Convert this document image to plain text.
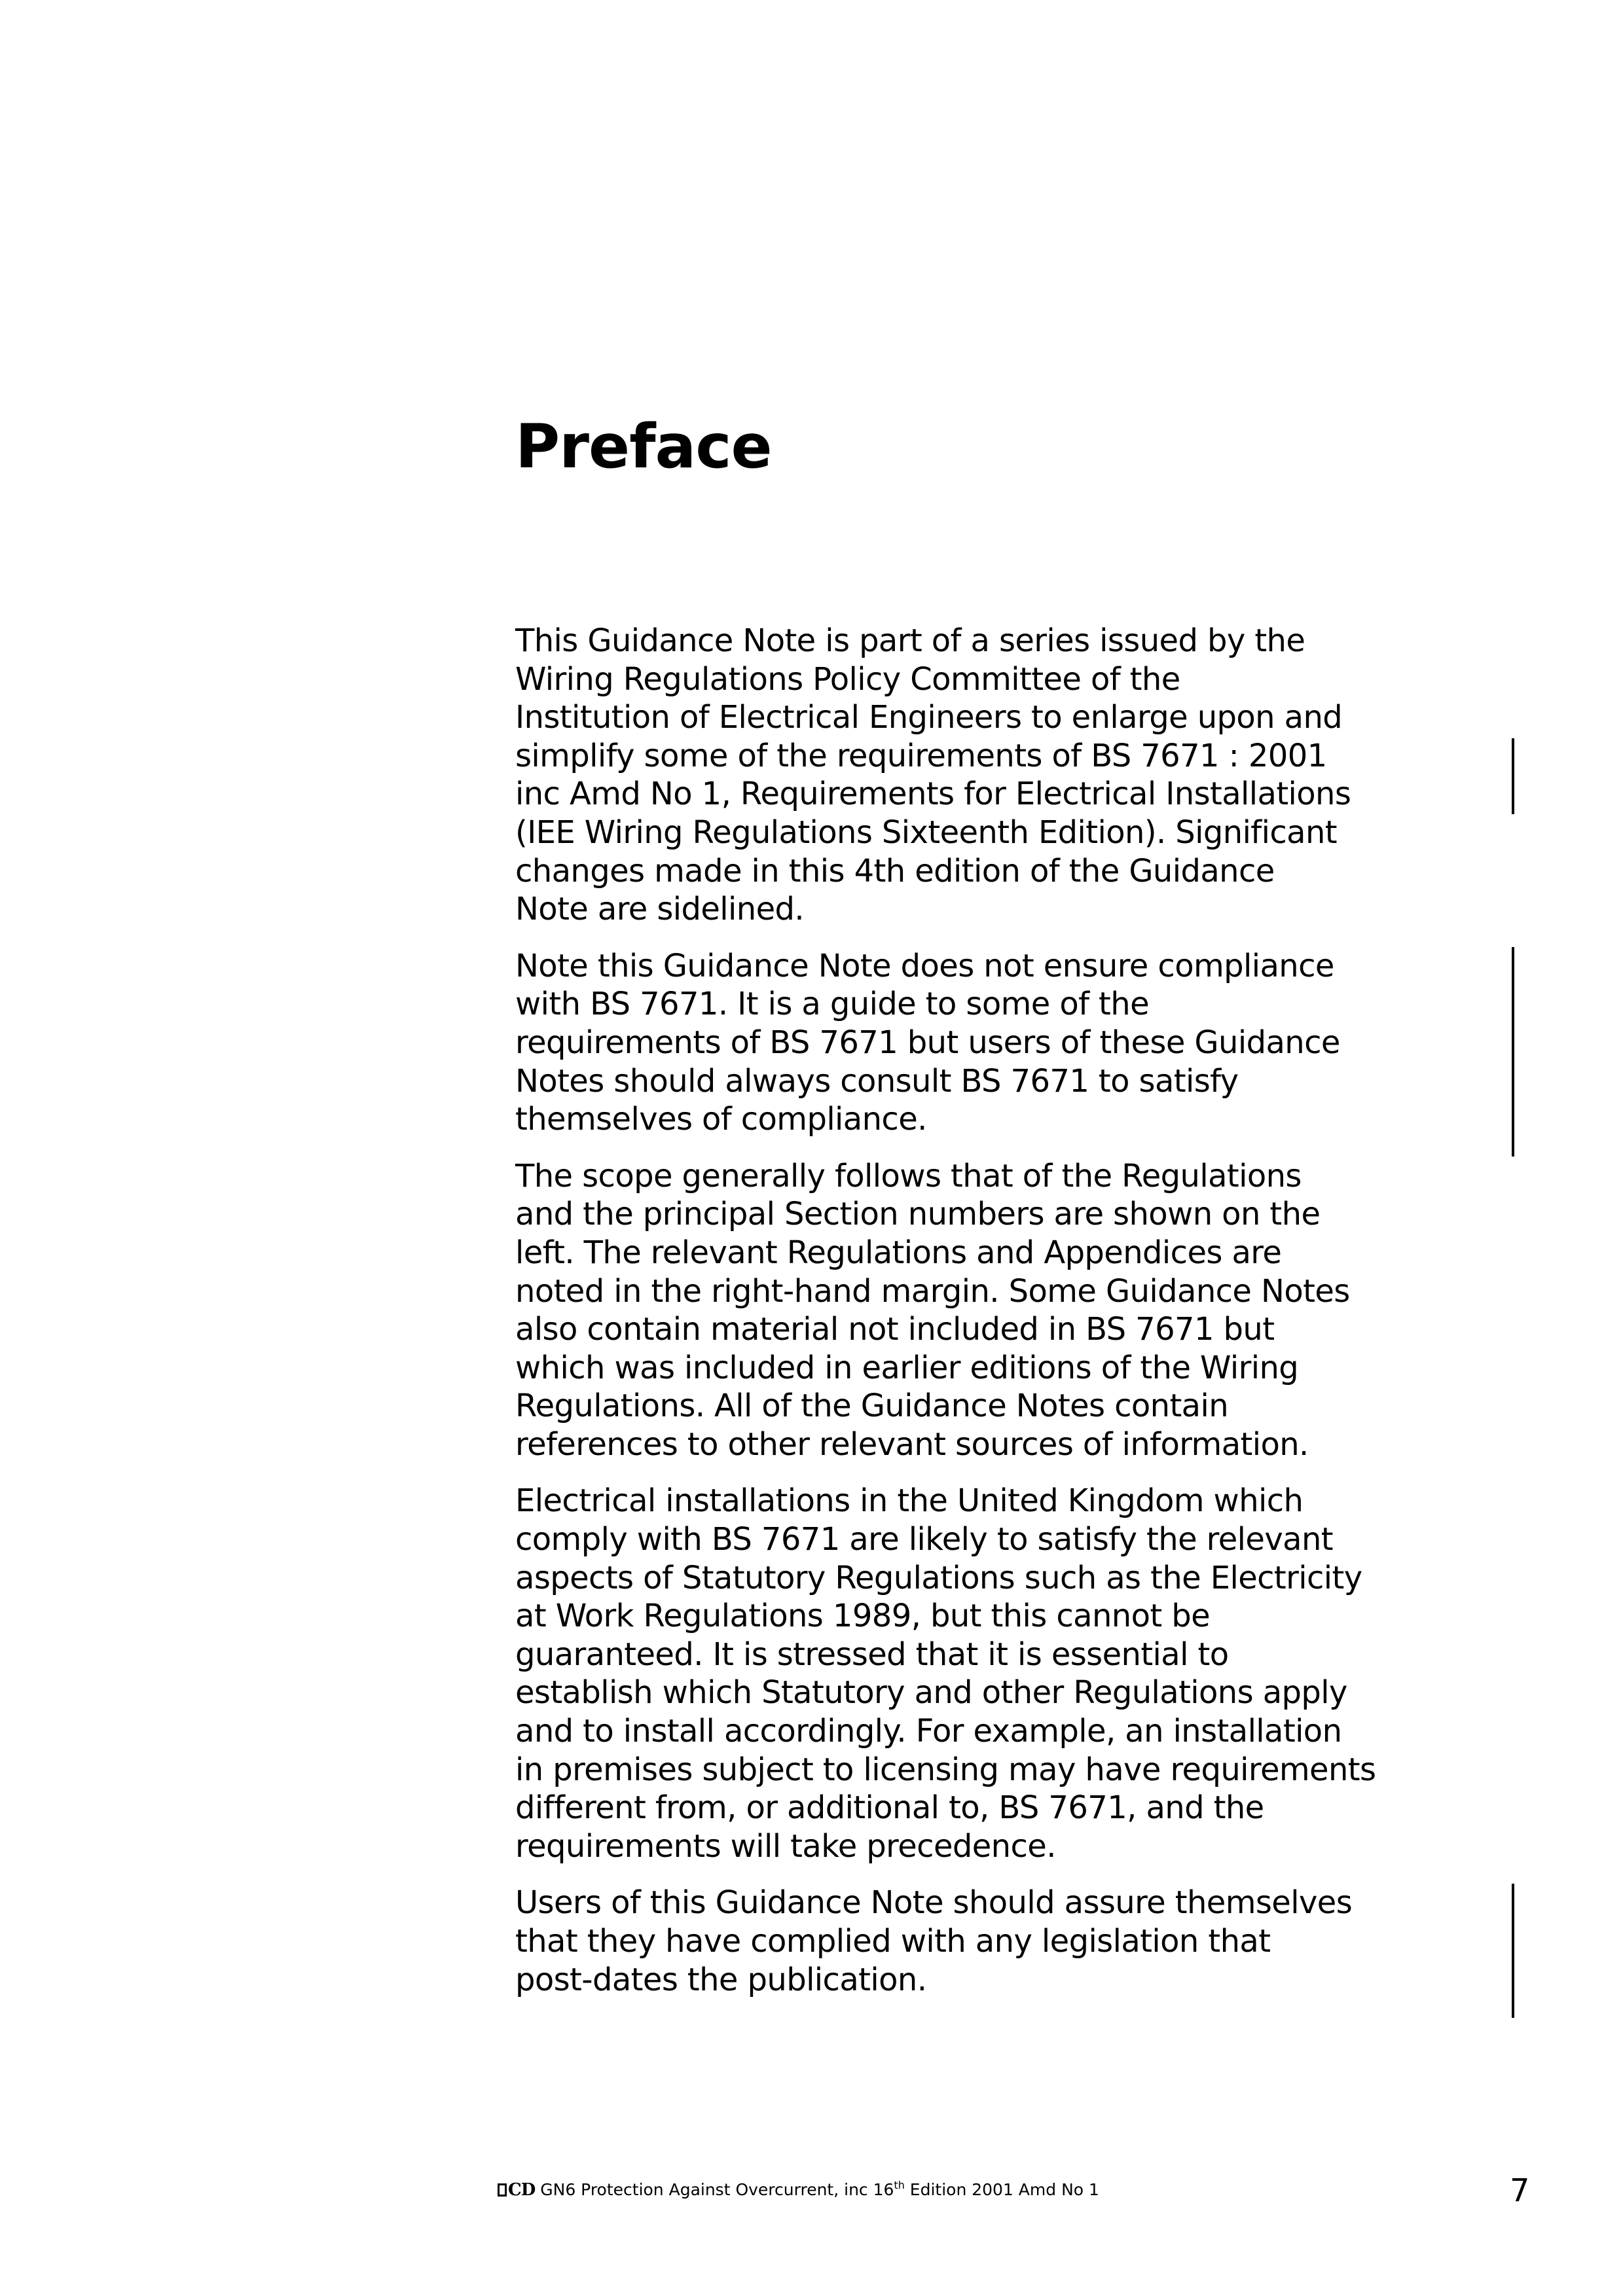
Preface
This Guidance Note is part of a series issued by the
Wiring Regulations Policy Committee of the
Institution of Electrical Engineers to enlarge upon and
simplify some of the requirements of BS 7671 : 2001
inc Amd No 1, Requirements for Electrical Installations
(IEE Wiring Regulations Sixteenth Edition). Significant
changes made in this 4th edition of the Guidance
Note are sidelined.
Note this Guidance Note does not ensure compliance
with BS 7671. It is a guide to some of the
requirements of BS 7671 but users of these Guidance
Notes should always consult BS 7671 to satisfy
themselves of compliance.
The scope generally follows that of the Regulations
and the principal Section numbers are shown on the
left. The relevant Regulations and Appendices are
noted in the right-hand margin. Some Guidance Notes
also contain material not included in BS 7671 but
which was included in earlier editions of the Wiring
Regulations. All of the Guidance Notes contain
references to other relevant sources of information.
Electrical installations in the United Kingdom which
comply with BS 7671 are likely to satisfy the relevant
aspects of Statutory Regulations such as the Electricity
at Work Regulations 1989, but this cannot be
guaranteed. It is stressed that it is essential to
establish which Statutory and other Regulations apply
and to install accordingly. For example, an installation
in premises subject to licensing may have requirements
different from, or additional to, BS 7671, and the
requirements will take precedence.
Users of this Guidance Note should assure themselves
that they have complied with any legislation that
post-dates the publication.
CD GN6 Protection Against Overcurrent, inc 16th Edition 2001 Amd No 1	7
